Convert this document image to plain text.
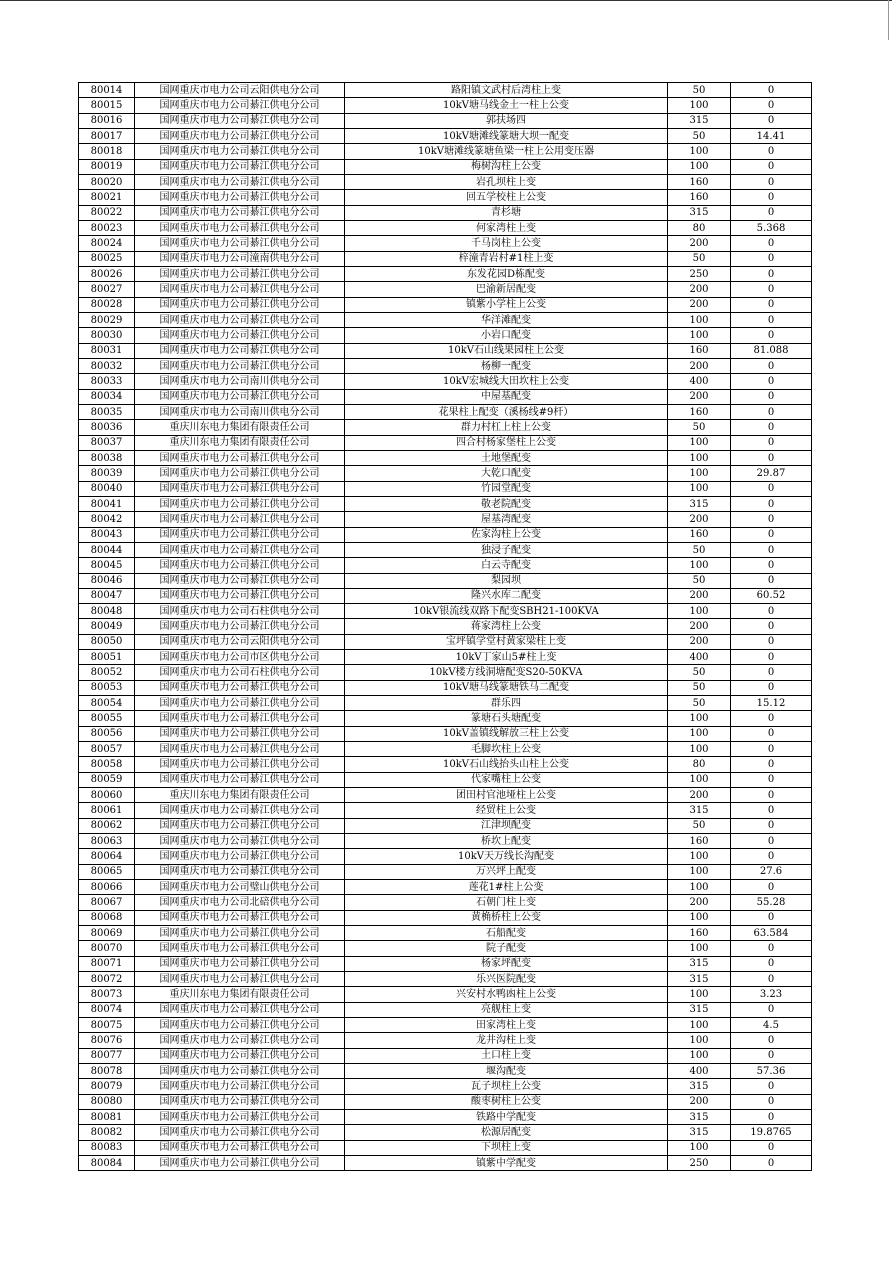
80014	国网重庆市电力公司云阳供电分公司	路阳镇文武村后湾柱上变	50	0
80015	国网重庆市电力公司綦江供电分公司	10kV塘马线金土一柱上公变	100	0
80016	国网重庆市电力公司綦江供电分公司	郭扶场四	315	0
80017	国网重庆市电力公司綦江供电分公司	10kV塘滩线篆塘大坝一配变	50	14.41
80018	国网重庆市电力公司綦江供电分公司	10kV塘滩线篆塘鱼梁一柱上公用变压器	100	0
80019	国网重庆市电力公司綦江供电分公司	梅树沟柱上公变	100	0
80020	国网重庆市电力公司綦江供电分公司	岩孔坝柱上变	160	0
80021	国网重庆市电力公司綦江供电分公司	回五学校柱上公变	160	0
80022	国网重庆市电力公司綦江供电分公司	青杉塘	315	0
80023	国网重庆市电力公司綦江供电分公司	何家湾柱上变	80	5.368
80024	国网重庆市电力公司綦江供电分公司	千马岗柱上公变	200	0
80025	国网重庆市电力公司潼南供电分公司	梓潼青岩村#1柱上变	50	0
80026	国网重庆市电力公司綦江供电分公司	东发花园D栋配变	250	0
80027	国网重庆市电力公司綦江供电分公司	巴渝新居配变	200	0
80028	国网重庆市电力公司綦江供电分公司	镇紫小学柱上公变	200	0
80029	国网重庆市电力公司綦江供电分公司	华洋滩配变	100	0
80030	国网重庆市电力公司綦江供电分公司	小岩口配变	100	0
80031	国网重庆市电力公司綦江供电分公司	10kV石山线果园柱上公变	160	81.088
80032	国网重庆市电力公司綦江供电分公司	杨柳一配变	200	0
80033	国网重庆市电力公司南川供电分公司	10kV宏城线大田坎柱上公变	400	0
80034	国网重庆市电力公司綦江供电分公司	中屋基配变	200	0
80035	国网重庆市电力公司南川供电分公司	花果柱上配变（溪杨线#9杆）	160	0
80036	重庆川东电力集团有限责任公司	群力村杠上柱上公变	50	0
80037	重庆川东电力集团有限责任公司	四合村杨家堡柱上公变	100	0
80038	国网重庆市电力公司綦江供电分公司	土地堡配变	100	0
80039	国网重庆市电力公司綦江供电分公司	大乾口配变	100	29.87
80040	国网重庆市电力公司綦江供电分公司	竹园堂配变	100	0
80041	国网重庆市电力公司綦江供电分公司	敬老院配变	315	0
80042	国网重庆市电力公司綦江供电分公司	屋基湾配变	200	0
80043	国网重庆市电力公司綦江供电分公司	佐家沟柱上公变	160	0
80044	国网重庆市电力公司綦江供电分公司	独浸子配变	50	0
80045	国网重庆市电力公司綦江供电分公司	白云寺配变	100	0
80046	国网重庆市电力公司綦江供电分公司	梨园坝	50	0
80047	国网重庆市电力公司綦江供电分公司	隆兴水库二配变	200	60.52
80048	国网重庆市电力公司石柱供电分公司	10kV银流线双路下配变SBH21-100KVA	100	0
80049	国网重庆市电力公司綦江供电分公司	蒋家湾柱上公变	200	0
80050	国网重庆市电力公司云阳供电分公司	宝坪镇学堂村黄家梁柱上变	200	0
80051	国网重庆市电力公司市区供电分公司	10kV丁家山5#柱上变	400	0
80052	国网重庆市电力公司石柱供电分公司	10kV楼方线洞塘配变S20-50KVA	50	0
80053	国网重庆市电力公司綦江供电分公司	10kV塘马线篆塘铁马二配变	50	0
80054	国网重庆市电力公司綦江供电分公司	群乐四	50	15.12
80055	国网重庆市电力公司綦江供电分公司	篆塘石头塘配变	100	0
80056	国网重庆市电力公司綦江供电分公司	10kV盖镇线解放三柱上公变	100	0
80057	国网重庆市电力公司綦江供电分公司	毛脚坎柱上公变	100	0
80058	国网重庆市电力公司綦江供电分公司	10kV石山线抬头山柱上公变	80	0
80059	国网重庆市电力公司綦江供电分公司	代家嘴柱上公变	100	0
80060	重庆川东电力集团有限责任公司	团田村官池垭柱上公变	200	0
80061	国网重庆市电力公司綦江供电分公司	经贸柱上公变	315	0
80062	国网重庆市电力公司綦江供电分公司	江津坝配变	50	0
80063	国网重庆市电力公司綦江供电分公司	桥坎上配变	160	0
80064	国网重庆市电力公司綦江供电分公司	10kV天万线长沟配变	100	0
80065	国网重庆市电力公司綦江供电分公司	万兴坪上配变	100	27.6
80066	国网重庆市电力公司璧山供电分公司	莲花1#柱上公变	100	0
80067	国网重庆市电力公司北碚供电分公司	石朝门柱上变	200	55.28
80068	国网重庆市电力公司綦江供电分公司	黄桷桥柱上公变	100	0
80069	国网重庆市电力公司綦江供电分公司	石船配变	160	63.584
80070	国网重庆市电力公司綦江供电分公司	院子配变	100	0
80071	国网重庆市电力公司綦江供电分公司	杨家坪配变	315	0
80072	国网重庆市电力公司綦江供电分公司	乐兴医院配变	315	0
80073	重庆川东电力集团有限责任公司	兴安村水鸭凼柱上公变	100	3.23
80074	国网重庆市电力公司綦江供电分公司	亮舰柱上变	315	0
80075	国网重庆市电力公司綦江供电分公司	田家湾柱上变	100	4.5
80076	国网重庆市电力公司綦江供电分公司	龙井沟柱上变	100	0
80077	国网重庆市电力公司綦江供电分公司	土口柱上变	100	0
80078	国网重庆市电力公司綦江供电分公司	堰沟配变	400	57.36
80079	国网重庆市电力公司綦江供电分公司	瓦子坝柱上公变	315	0
80080	国网重庆市电力公司綦江供电分公司	酸枣树柱上公变	200	0
80081	国网重庆市电力公司綦江供电分公司	铁路中学配变	315	0
80082	国网重庆市电力公司綦江供电分公司	松源居配变	315	19.8765
80083	国网重庆市电力公司綦江供电分公司	下坝柱上变	100	0
80084	国网重庆市电力公司綦江供电分公司	镇紫中学配变	250	0
